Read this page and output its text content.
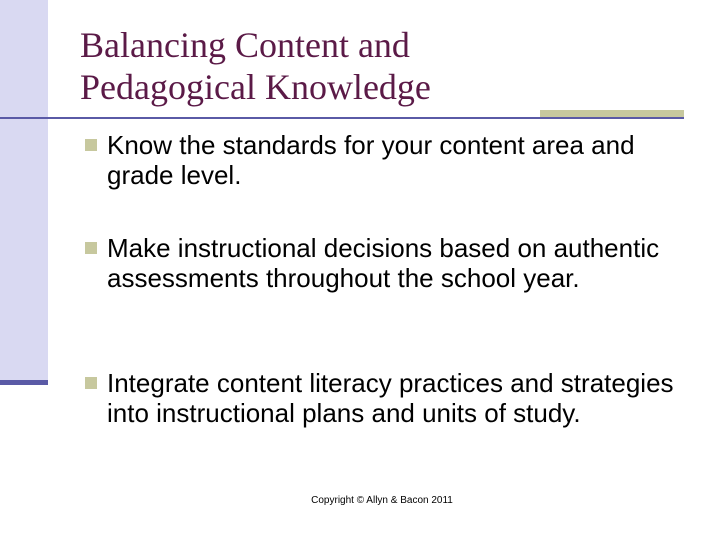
Balancing Content and
Pedagogical Knowledge
Know the standards for your content area and grade level.
Make instructional decisions based on authentic assessments throughout the school year.
Integrate content literacy practices and strategies into instructional plans and units of study.
Copyright © Allyn & Bacon 2011
